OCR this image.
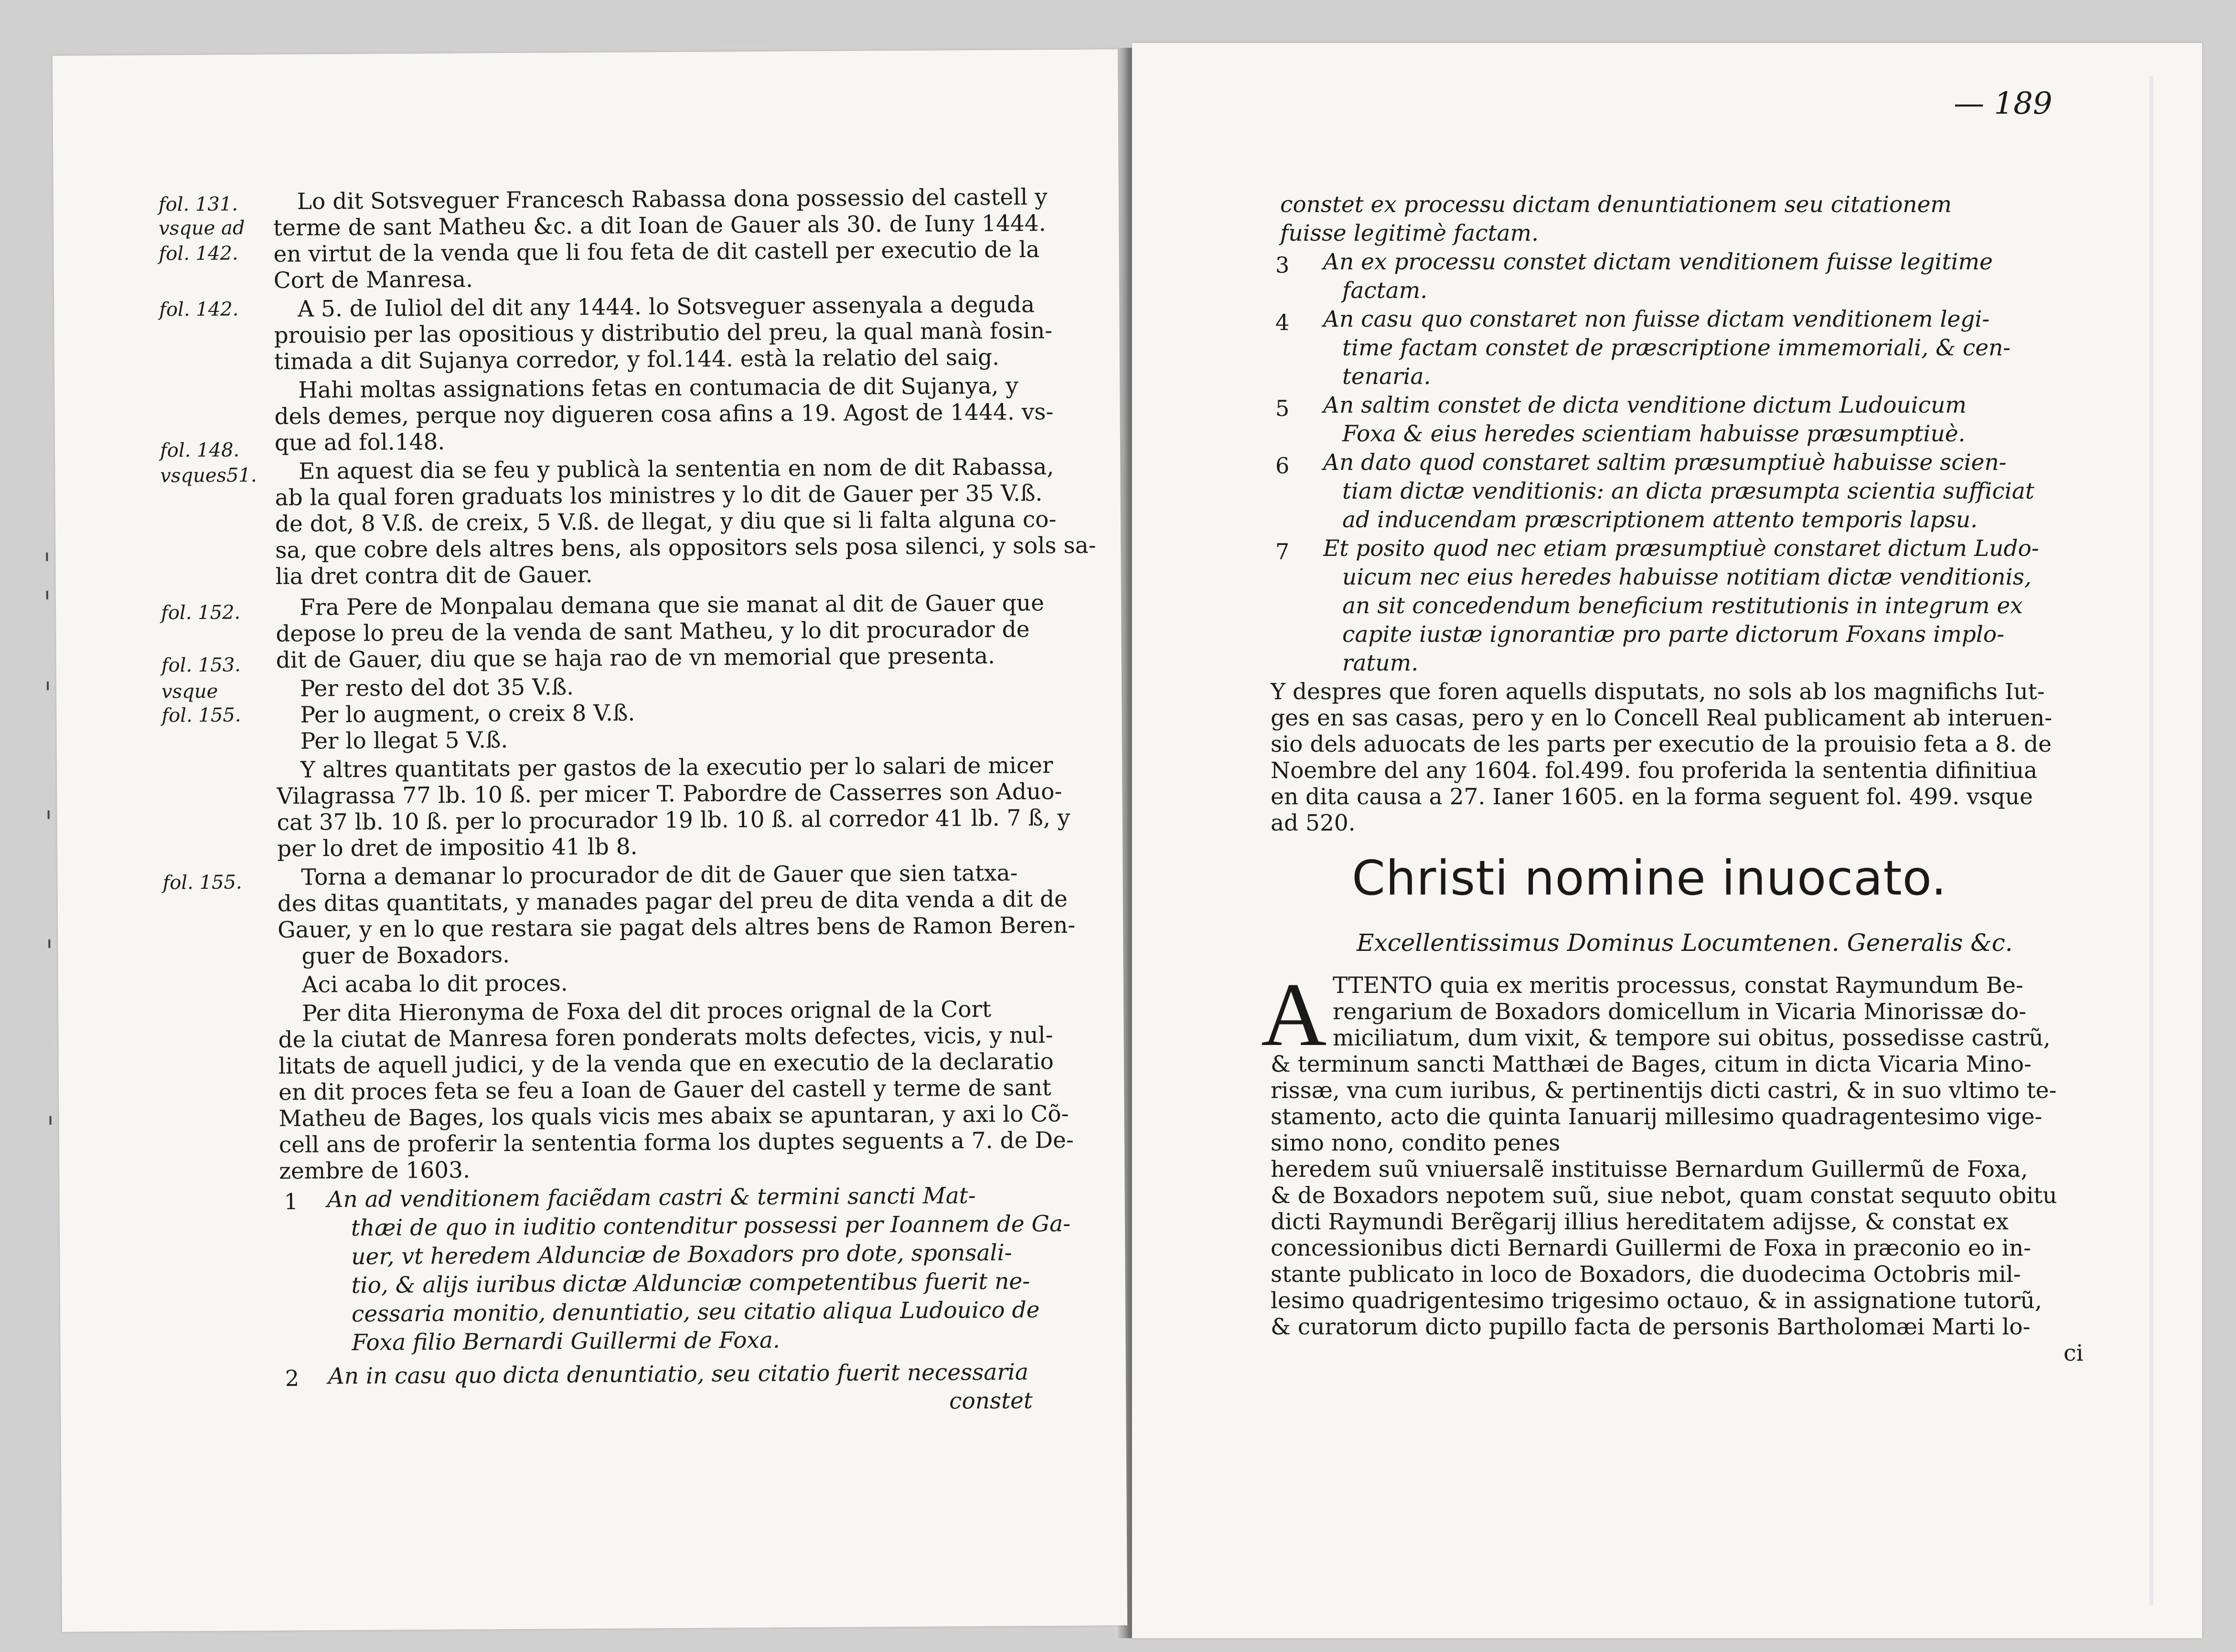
fol. 131.
vsque ad
fol. 142.
fol. 142.
fol. 148.
vsques51.
fol. 152.
fol. 153.
vsque
fol. 155.
fol. 155.
Lo dit Sotsveguer Francesch Rabassa dona possessio del castell y
terme de sant Matheu &c. a dit Ioan de Gauer als 30. de Iuny 1444.
en virtut de la venda que li fou feta de dit castell per executio de la
Cort de Manresa.
A 5. de Iuliol del dit any 1444. lo Sotsveguer assenyala a deguda
prouisio per las opositious y distributio del preu, la qual manà fosin-
timada a dit Sujanya corredor, y fol.144. està la relatio del saig.
Hahi moltas assignations fetas en contumacia de dit Sujanya, y
dels demes, perque noy digueren cosa afins a 19. Agost de 1444. vs-
que ad fol.148.
En aquest dia se feu y publicà la sententia en nom de dit Rabassa,
ab la qual foren graduats los ministres y lo dit de Gauer per 35 V.ß.
de dot, 8 V.ß. de creix, 5 V.ß. de llegat, y diu que si li falta alguna co-
sa, que cobre dels altres bens, als oppositors sels posa silenci, y sols sa-
lia dret contra dit de Gauer.
Fra Pere de Monpalau demana que sie manat al dit de Gauer que
depose lo preu de la venda de sant Matheu, y lo dit procurador de
dit de Gauer, diu que se haja rao de vn memorial que presenta.
Per resto del dot 35 V.ß.
Per lo augment, o creix 8 V.ß.
Per lo llegat 5 V.ß.
Y altres quantitats per gastos de la executio per lo salari de micer
Vilagrassa 77 lb. 10 ß. per micer T. Pabordre de Casserres son Aduo-
cat 37 lb. 10 ß. per lo procurador 19 lb. 10 ß. al corredor 41 lb. 7 ß, y
per lo dret de impositio 41 lb 8.
Torna a demanar lo procurador de dit de Gauer que sien tatxa-
des ditas quantitats, y manades pagar del preu de dita venda a dit de
Gauer, y en lo que restara sie pagat dels altres bens de Ramon Beren-
guer de Boxadors.
Aci acaba lo dit proces.
Per dita Hieronyma de Foxa del dit proces orignal de la Cort
de la ciutat de Manresa foren ponderats molts defectes, vicis, y nul-
litats de aquell judici, y de la venda que en executio de la declaratio
en dit proces feta se feu a Ioan de Gauer del castell y terme de sant
Matheu de Bages, los quals vicis mes abaix se apuntaran, y axi lo Cõ-
cell ans de proferir la sententia forma los duptes seguents a 7. de De-
zembre de 1603.
1 An ad venditionem faciẽdam castri & termini sancti Mat-
thæi de quo in iuditio contenditur possessi per Ioannem de Ga-
uer, vt heredem Aldunciæ de Boxadors pro dote, sponsali-
tio, & alijs iuribus dictæ Aldunciæ competentibus fuerit ne-
cessaria monitio, denuntiatio, seu citatio aliqua Ludouico de
Foxa filio Bernardi Guillermi de Foxa.
2 An in casu quo dicta denuntiatio, seu citatio fuerit necessaria
constet
— 189
constet ex processu dictam denuntiationem seu citationem
fuisse legitimè factam.
3 An ex processu constet dictam venditionem fuisse legitime
factam.
4 An casu quo constaret non fuisse dictam venditionem legi-
time factam constet de præscriptione immemoriali, & cen-
tenaria.
5 An saltim constet de dicta venditione dictum Ludouicum
Foxa & eius heredes scientiam habuisse præsumptiuè.
6 An dato quod constaret saltim præsumptiuè habuisse scien-
tiam dictæ venditionis: an dicta præsumpta scientia sufficiat
ad inducendam præscriptionem attento temporis lapsu.
7 Et posito quod nec etiam præsumptiuè constaret dictum Ludo-
uicum nec eius heredes habuisse notitiam dictæ venditionis,
an sit concedendum beneficium restitutionis in integrum ex
capite iustæ ignorantiæ pro parte dictorum Foxans implo-
ratum.
Y despres que foren aquells disputats, no sols ab los magnifichs Iut-
ges en sas casas, pero y en lo Concell Real publicament ab interuen-
sio dels aduocats de les parts per executio de la prouisio feta a 8. de
Noembre del any 1604. fol.499. fou proferida la sententia difinitiua
en dita causa a 27. Ianer 1605. en la forma seguent fol. 499. vsque
ad 520.
Christi nomine inuocato.
Excellentissimus Dominus Locumtenen. Generalis &c.
A TTENTO quia ex meritis processus, constat Raymundum Be-
rengarium de Boxadors domicellum in Vicaria Minorissæ do-
miciliatum, dum vixit, & tempore sui obitus, possedisse castrũ,
& terminum sancti Matthæi de Bages, citum in dicta Vicaria Mino-
rissæ, vna cum iuribus, & pertinentijs dicti castri, & in suo vltimo te-
stamento, acto die quinta Ianuarij millesimo quadragentesimo vige-
simo nono, condito penes
heredem suũ vniuersalẽ instituisse Bernardum Guillermũ de Foxa,
& de Boxadors nepotem suũ, siue nebot, quam constat sequuto obitu
dicti Raymundi Berẽgarij illius hereditatem adijsse, & constat ex
concessionibus dicti Bernardi Guillermi de Foxa in præconio eo in-
stante publicato in loco de Boxadors, die duodecima Octobris mil-
lesimo quadrigentesimo trigesimo octauo, & in assignatione tutorũ,
& curatorum dicto pupillo facta de personis Bartholomæi Marti lo-
ci
